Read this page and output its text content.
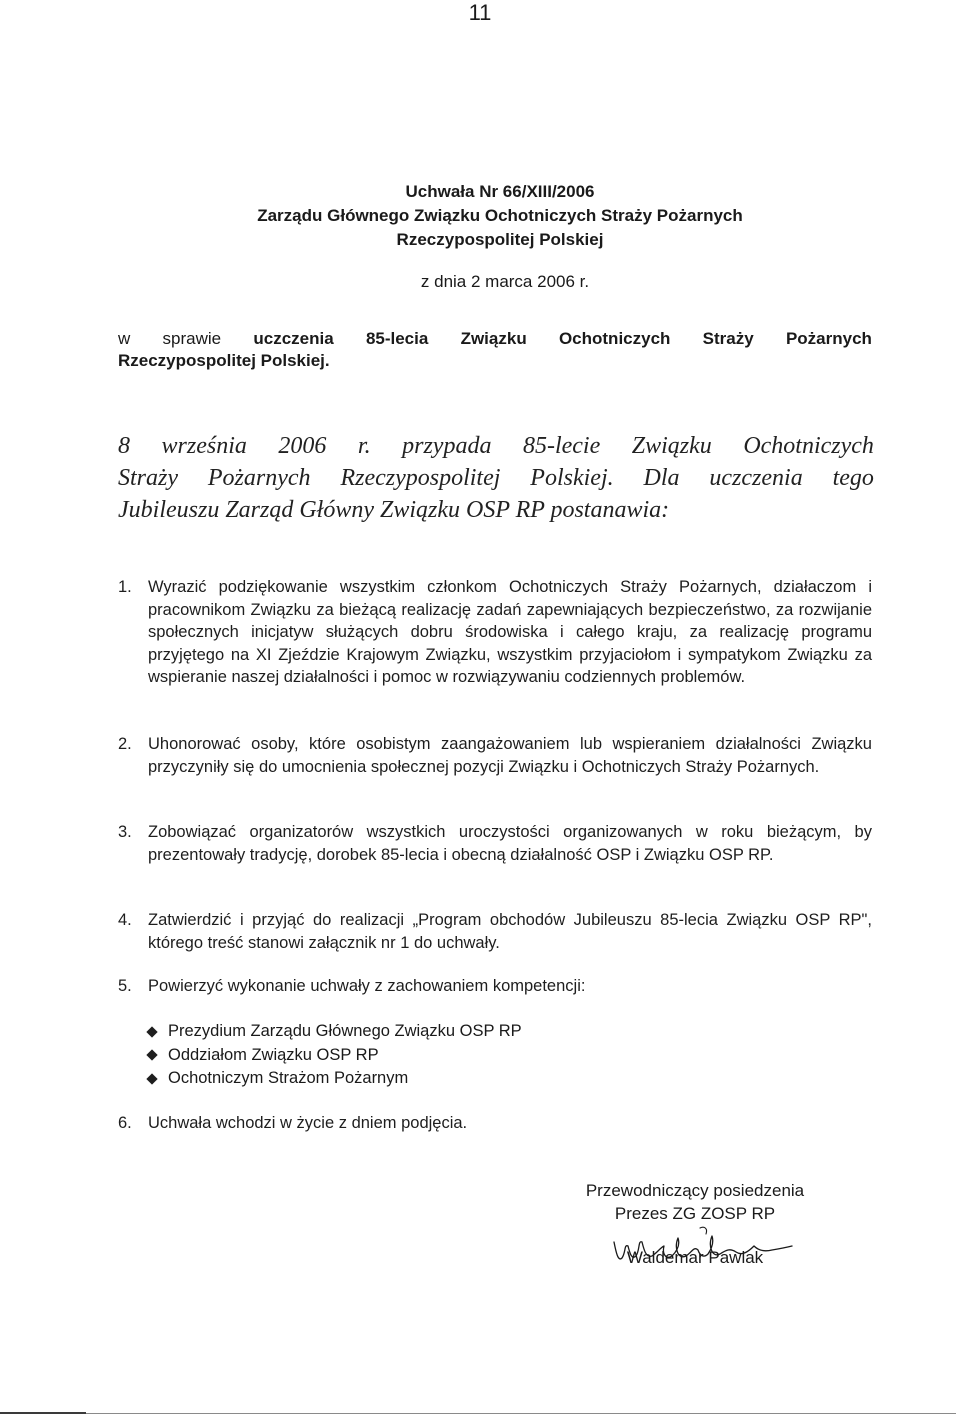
11
Uchwała Nr 66/XIII/2006
Zarządu Głównego Związku Ochotniczych Straży Pożarnych
Rzeczypospolitej Polskiej
z dnia 2 marca 2006 r.
w sprawie uczczenia 85-lecia Związku Ochotniczych Straży Pożarnych
Rzeczypospolitej Polskiej.
8 września 2006 r. przypada 85-lecie Związku Ochotniczych
Straży Pożarnych Rzeczypospolitej Polskiej. Dla uczczenia tego
Jubileuszu Zarząd Główny Związku OSP RP postanawia:
1. Wyrazić podziękowanie wszystkim członkom Ochotniczych Straży Pożarnych, działaczom i pracownikom Związku za bieżącą realizację zadań zapewniających bezpieczeństwo, za rozwijanie społecznych inicjatyw służących dobru środowiska i całego kraju, za realizację programu przyjętego na XI Zjeździe Krajowym Związku, wszystkim przyjaciołom i sympatykom Związku za wspieranie naszej działalności i pomoc w rozwiązywaniu codziennych problemów.
2. Uhonorować osoby, które osobistym zaangażowaniem lub wspieraniem działalności Związku przyczyniły się do umocnienia społecznej pozycji Związku i Ochotniczych Straży Pożarnych.
3. Zobowiązać organizatorów wszystkich uroczystości organizowanych w roku bieżącym, by prezentowały tradycję, dorobek 85-lecia i obecną działalność OSP i Związku OSP RP.
4. Zatwierdzić i przyjąć do realizacji „Program obchodów Jubileuszu 85-lecia Związku OSP RP", którego treść stanowi załącznik nr 1 do uchwały.
5. Powierzyć wykonanie uchwały z zachowaniem kompetencji:
Prezydium Zarządu Głównego Związku OSP RP
Oddziałom Związku OSP RP
Ochotniczym Strażom Pożarnym
6. Uchwała wchodzi w życie z dniem podjęcia.
Przewodniczący posiedzenia
Prezes ZG ZOSP RP
Waldemar Pawlak
